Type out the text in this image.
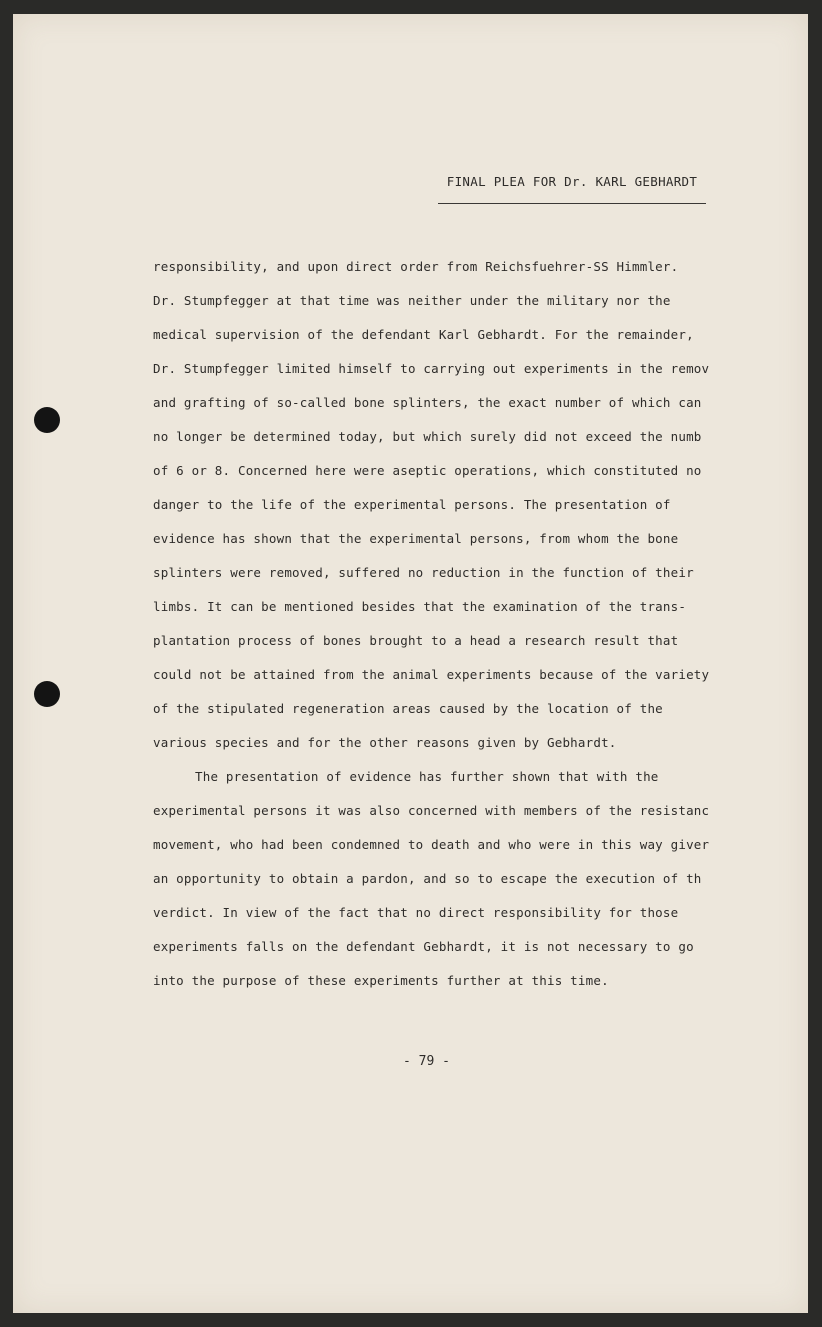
FINAL PLEA FOR Dr. KARL GEBHARDT
responsibility, and upon direct order from Reichsfuehrer-SS Himmler.
Dr. Stumpfegger at that time was neither under the military nor the
medical supervision of the defendant Karl Gebhardt. For the remainder,
Dr. Stumpfegger limited himself to carrying out experiments in the remov
and grafting of so-called bone splinters, the exact number of which can
no longer be determined today, but which surely did not exceed the numb
of 6 or 8. Concerned here were aseptic operations, which constituted no
danger to the life of the experimental persons. The presentation of
evidence has shown that the experimental persons, from whom the bone
splinters were removed, suffered no reduction in the function of their
limbs. It can be mentioned besides that the examination of the trans-
plantation process of bones brought to a head a research result that
could not be attained from the animal experiments because of the variety
of the stipulated regeneration areas caused by the location of the
various species and for the other reasons given by Gebhardt.
The presentation of evidence has further shown that with the
experimental persons it was also concerned with members of the resistanc
movement, who had been condemned to death and who were in this way giver
an opportunity to obtain a pardon, and so to escape the execution of th
verdict. In view of the fact that no direct responsibility for those
experiments falls on the defendant Gebhardt, it is not necessary to go
into the purpose of these experiments further at this time.
- 79 -
